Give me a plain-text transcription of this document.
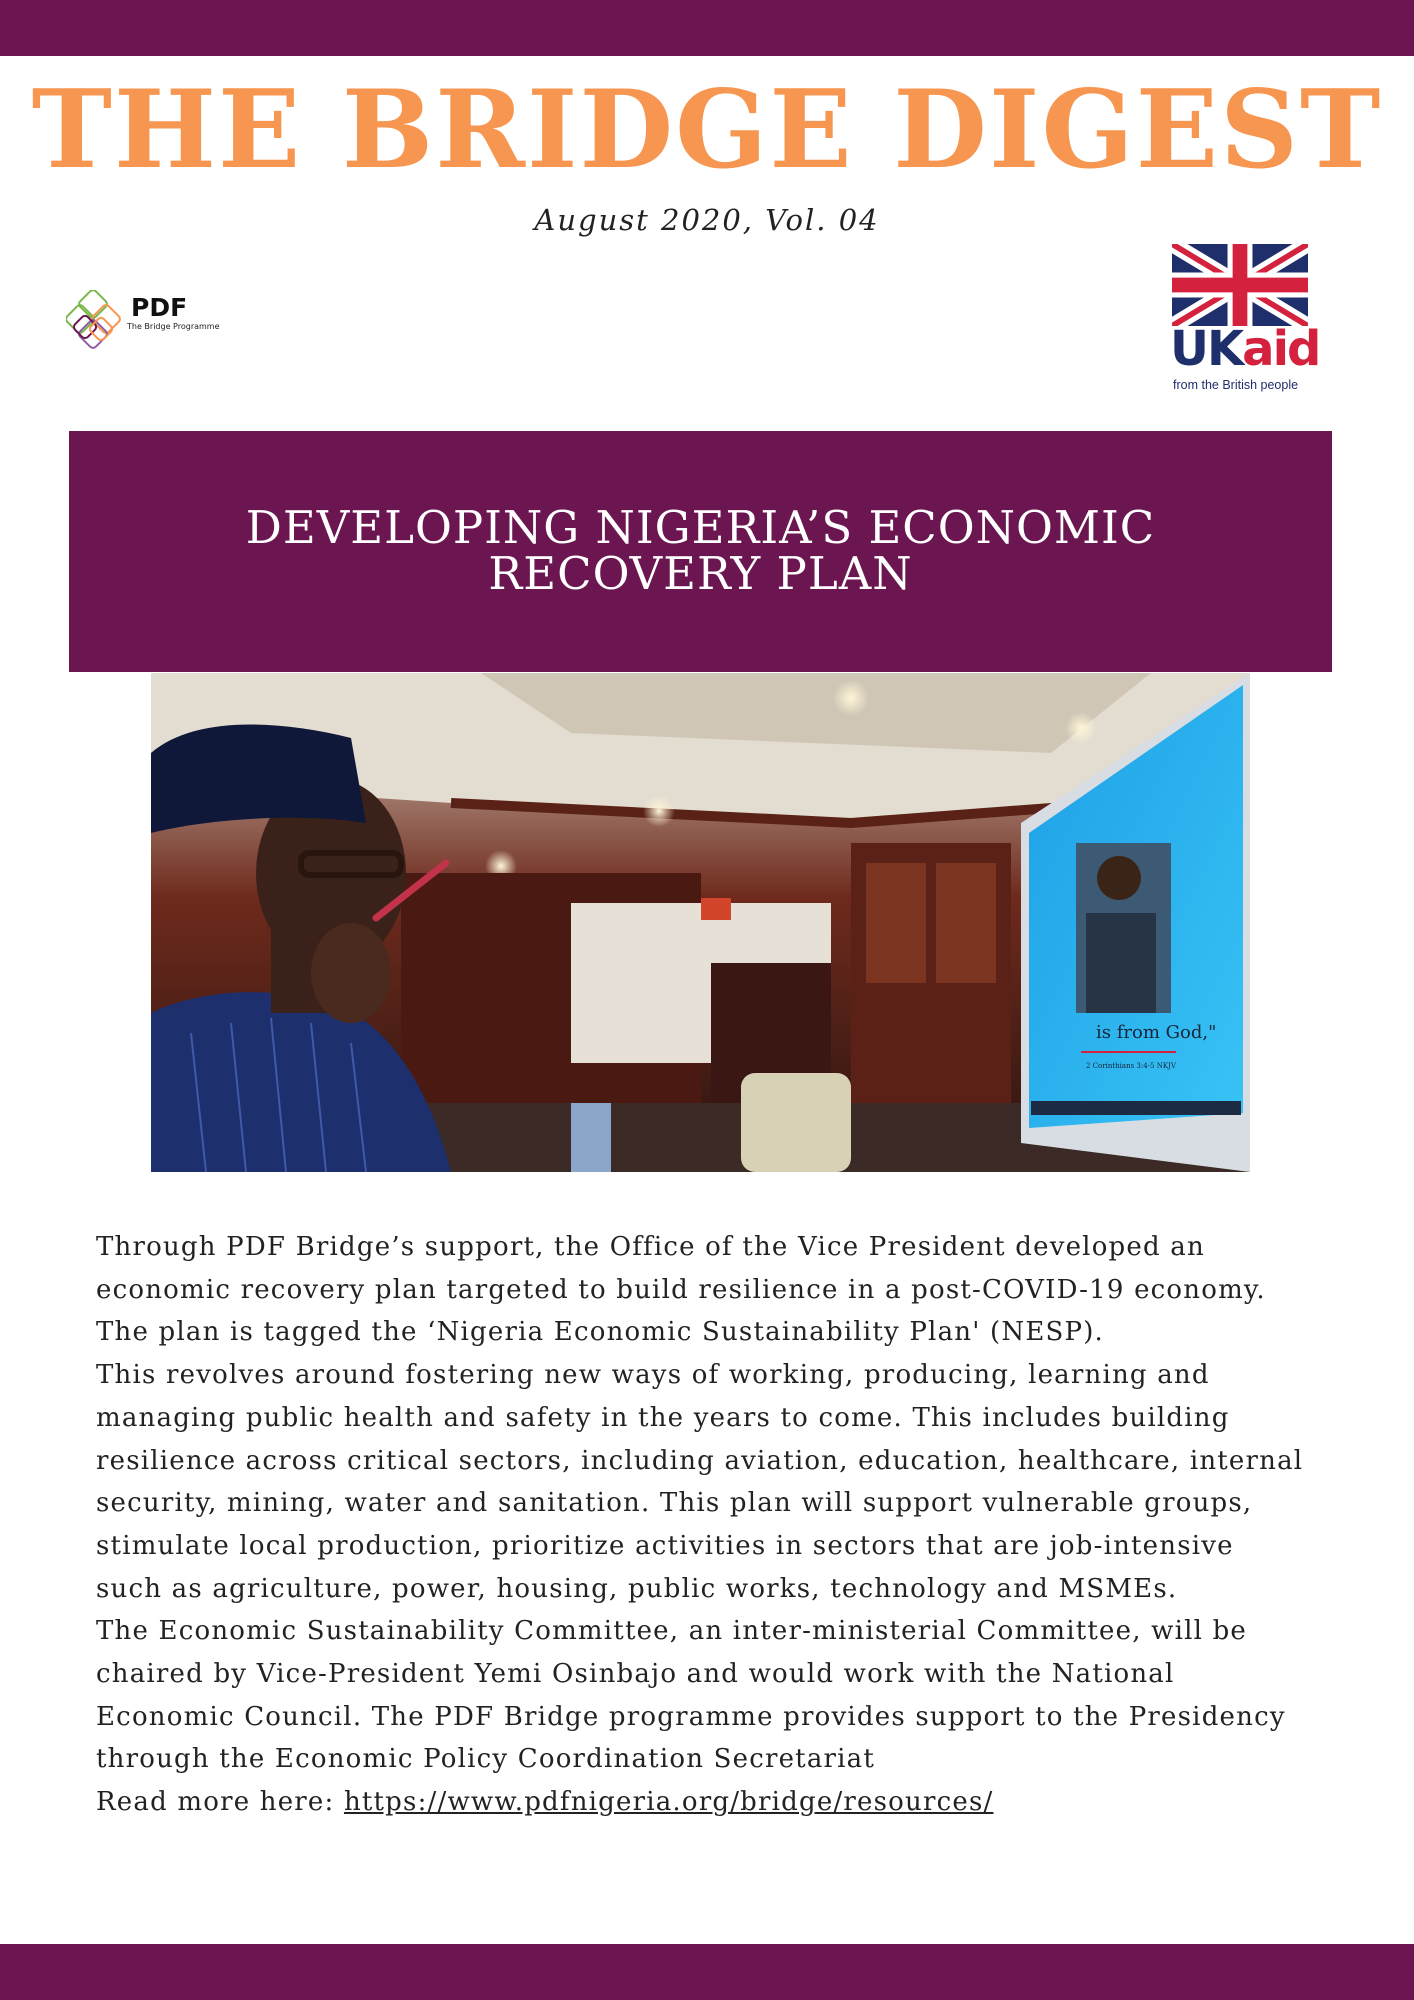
THE BRIDGE DIGEST
August 2020, Vol. 04
PDF
The Bridge Programme	UKaid
from the British people
DEVELOPING NIGERIA’S ECONOMIC
RECOVERY PLAN
is from God,"
2 Corinthians 3:4-5 NKJV

Through PDF Bridge’s support, the Office of the Vice President developed an

economic recovery plan targeted to build resilience in a post-COVID-19 economy.

The plan is tagged the ‘Nigeria Economic Sustainability Plan' (NESP).

This revolves around fostering new ways of working, producing, learning and

managing public health and safety in the years to come. This includes building

resilience across critical sectors, including aviation, education, healthcare, internal

security, mining, water and sanitation. This plan will support vulnerable groups,

stimulate local production, prioritize activities in sectors that are job-intensive

such as agriculture, power, housing, public works, technology and MSMEs.

The Economic Sustainability Committee, an inter-ministerial Committee, will be

chaired by Vice-President Yemi Osinbajo and would work with the National

Economic Council. The PDF Bridge programme provides support to the Presidency

through the Economic Policy Coordination Secretariat

Read more here: https://www.pdfnigeria.org/bridge/resources/
